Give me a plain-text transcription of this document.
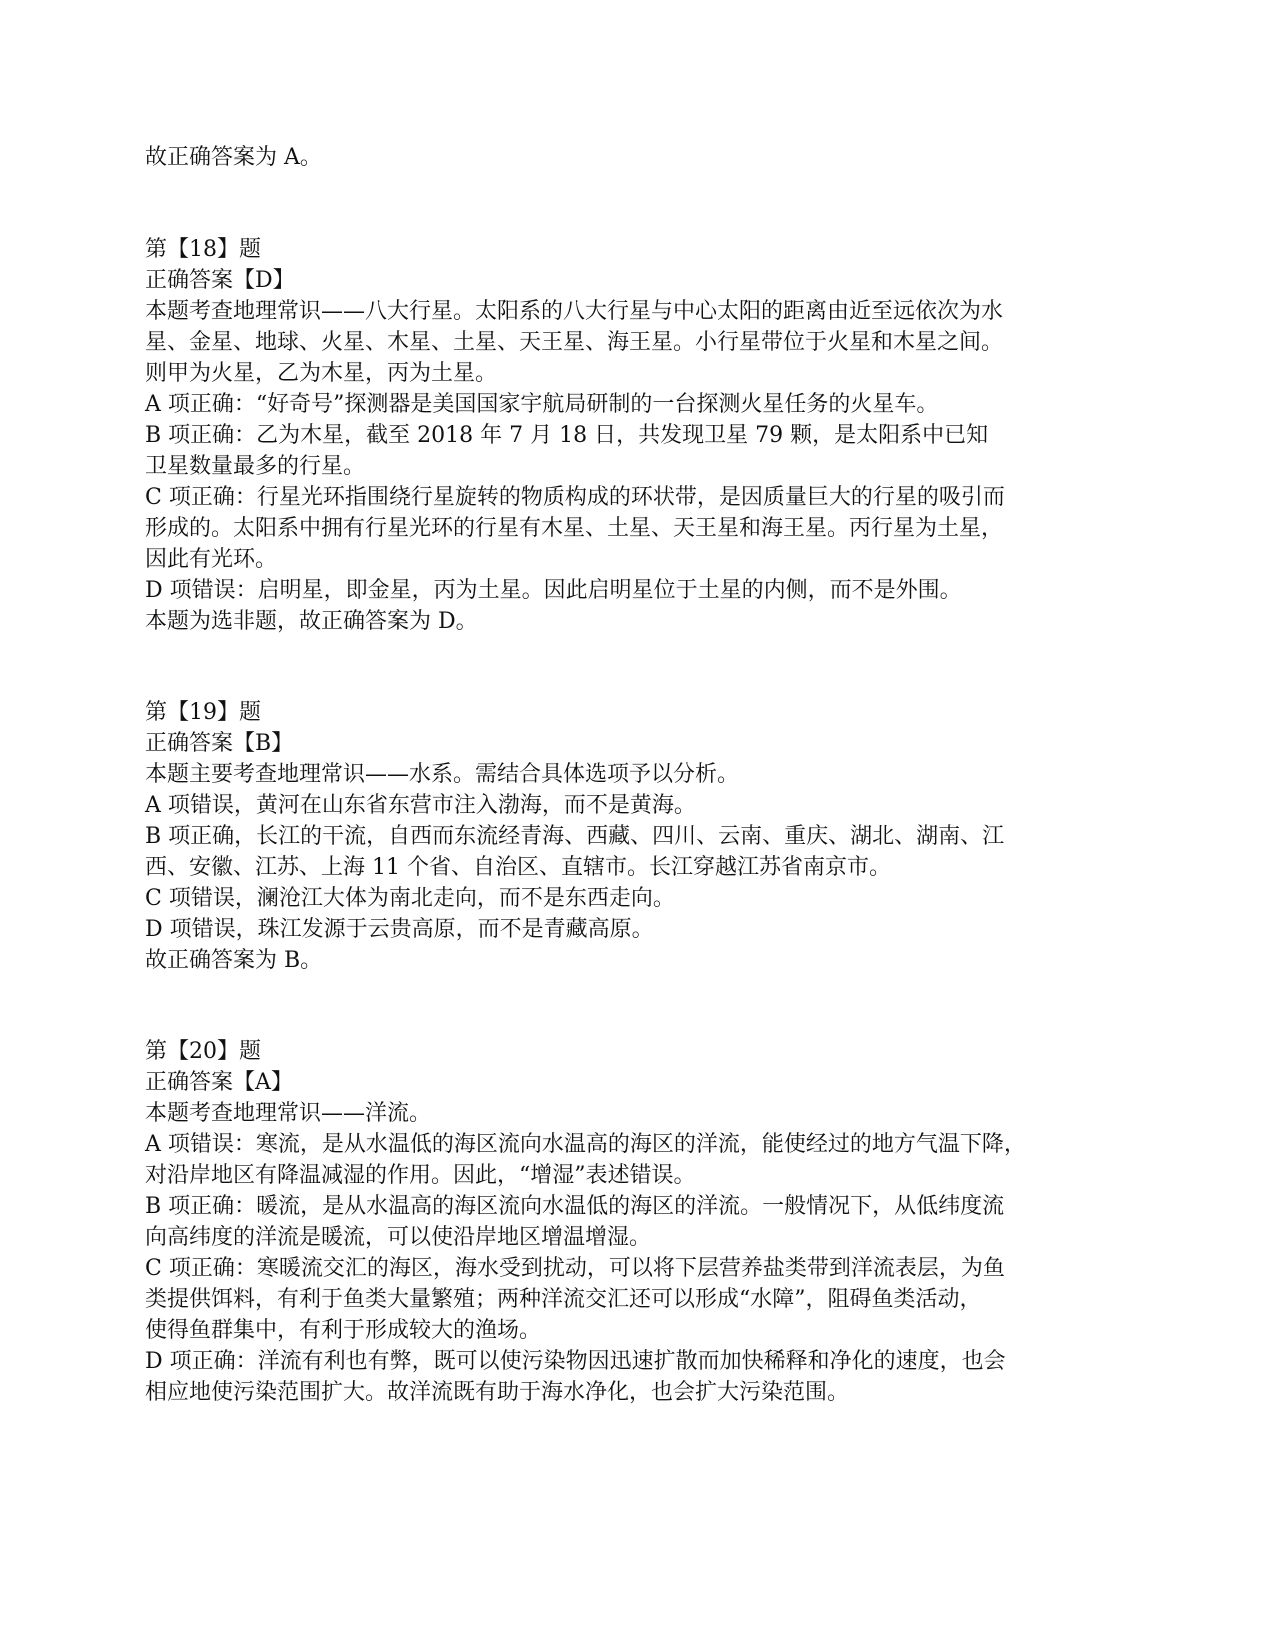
故正确答案为 A。
第【18】题
正确答案【D】
本题考查地理常识——八大行星。太阳系的八大行星与中心太阳的距离由近至远依次为水
星、金星、地球、火星、木星、土星、天王星、海王星。小行星带位于火星和木星之间。
则甲为火星，乙为木星，丙为土星。
A 项正确：“好奇号”探测器是美国国家宇航局研制的一台探测火星任务的火星车。
B 项正确：乙为木星，截至 2018 年 7 月 18 日，共发现卫星 79 颗，是太阳系中已知
卫星数量最多的行星。
C 项正确：行星光环指围绕行星旋转的物质构成的环状带，是因质量巨大的行星的吸引而
形成的。太阳系中拥有行星光环的行星有木星、土星、天王星和海王星。丙行星为土星，
因此有光环。
D 项错误：启明星，即金星，丙为土星。因此启明星位于土星的内侧，而不是外围。
本题为选非题，故正确答案为 D。
第【19】题
正确答案【B】
本题主要考查地理常识——水系。需结合具体选项予以分析。
A 项错误，黄河在山东省东营市注入渤海，而不是黄海。
B 项正确，长江的干流，自西而东流经青海、西藏、四川、云南、重庆、湖北、湖南、江
西、安徽、江苏、上海 11 个省、自治区、直辖市。长江穿越江苏省南京市。
C 项错误，澜沧江大体为南北走向，而不是东西走向。
D 项错误，珠江发源于云贵高原，而不是青藏高原。
故正确答案为 B。
第【20】题
正确答案【A】
本题考查地理常识——洋流。
A 项错误：寒流，是从水温低的海区流向水温高的海区的洋流，能使经过的地方气温下降，
对沿岸地区有降温减湿的作用。因此，“增湿”表述错误。
B 项正确：暖流，是从水温高的海区流向水温低的海区的洋流。一般情况下，从低纬度流
向高纬度的洋流是暖流，可以使沿岸地区增温增湿。
C 项正确：寒暖流交汇的海区，海水受到扰动，可以将下层营养盐类带到洋流表层，为鱼
类提供饵料，有利于鱼类大量繁殖；两种洋流交汇还可以形成“水障”，阻碍鱼类活动，
使得鱼群集中，有利于形成较大的渔场。
D 项正确：洋流有利也有弊，既可以使污染物因迅速扩散而加快稀释和净化的速度，也会
相应地使污染范围扩大。故洋流既有助于海水净化，也会扩大污染范围。
